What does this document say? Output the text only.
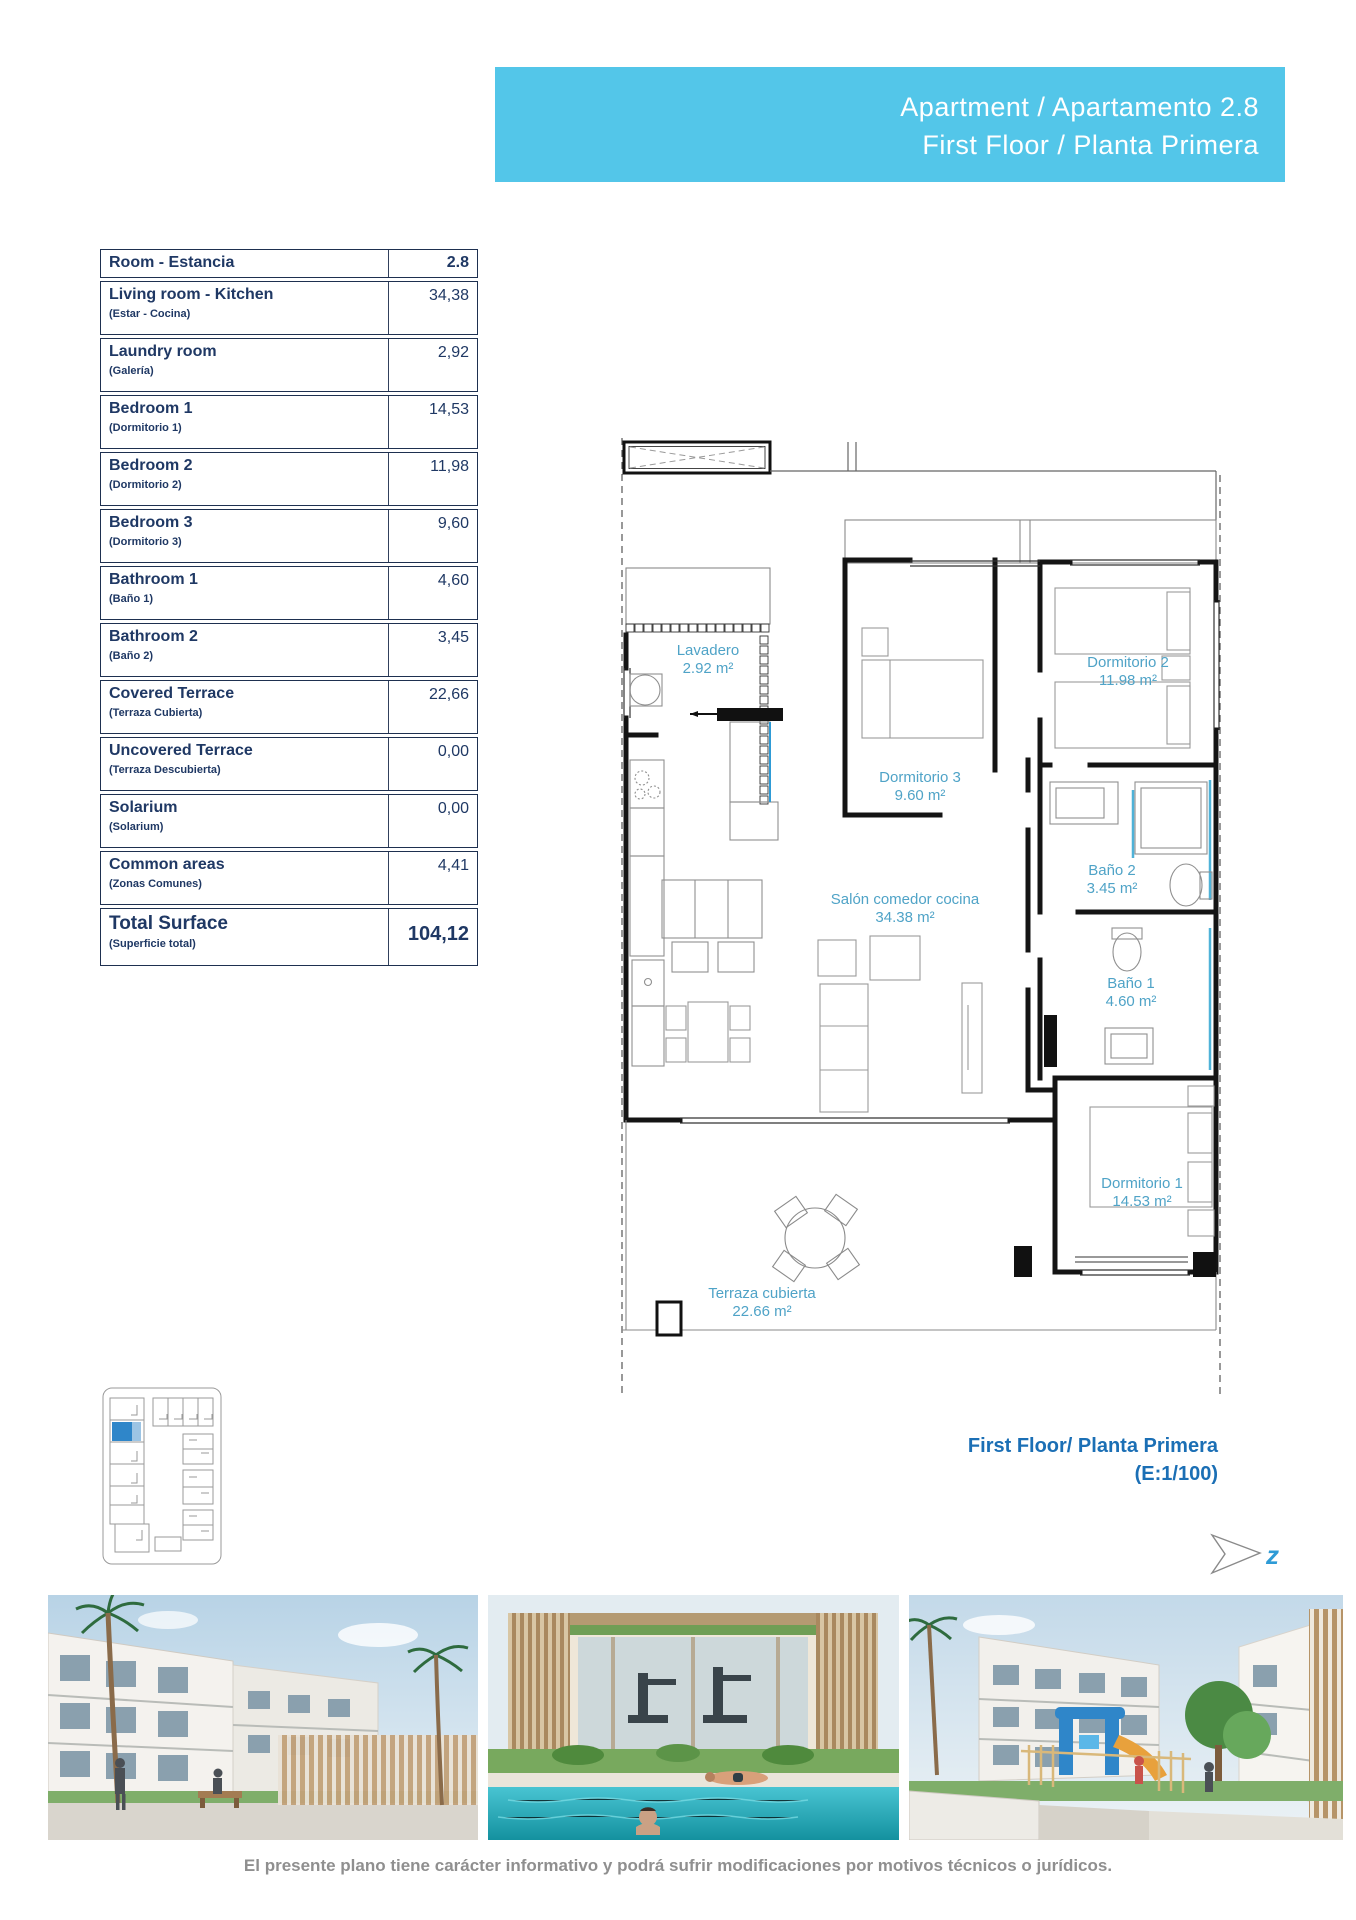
Apartment / Apartamento 2.8
First Floor / Planta Primera
Room - Estancia	2.8
Living room - Kitchen
(Estar - Cocina)
34,38
Laundry room
(Galería)
2,92
Bedroom 1
(Dormitorio 1)
14,53
Bedroom 2
(Dormitorio 2)
11,98
Bedroom 3
(Dormitorio 3)
9,60
Bathroom 1
(Baño 1)
4,60
Bathroom 2
(Baño 2)
3,45
Covered Terrace
(Terraza Cubierta)
22,66
Uncovered Terrace
(Terraza Descubierta)
0,00
Solarium
(Solarium)
0,00
Common areas
(Zonas Comunes)
4,41
Total Surface
(Superficie total)	104,12
Lavadero
2.92 m²
Dormitorio 3
9.60 m²
Dormitorio 2
11.98 m²
Baño 2
3.45 m²
Salón comedor cocina
34.38 m²
Baño 1
4.60 m²
Dormitorio 1
14.53 m²
Terraza cubierta
22.66 m²
First Floor/ Planta Primera
(E:1/100)
z
El presente plano tiene carácter informativo y podrá sufrir modificaciones por motivos técnicos o jurídicos.
